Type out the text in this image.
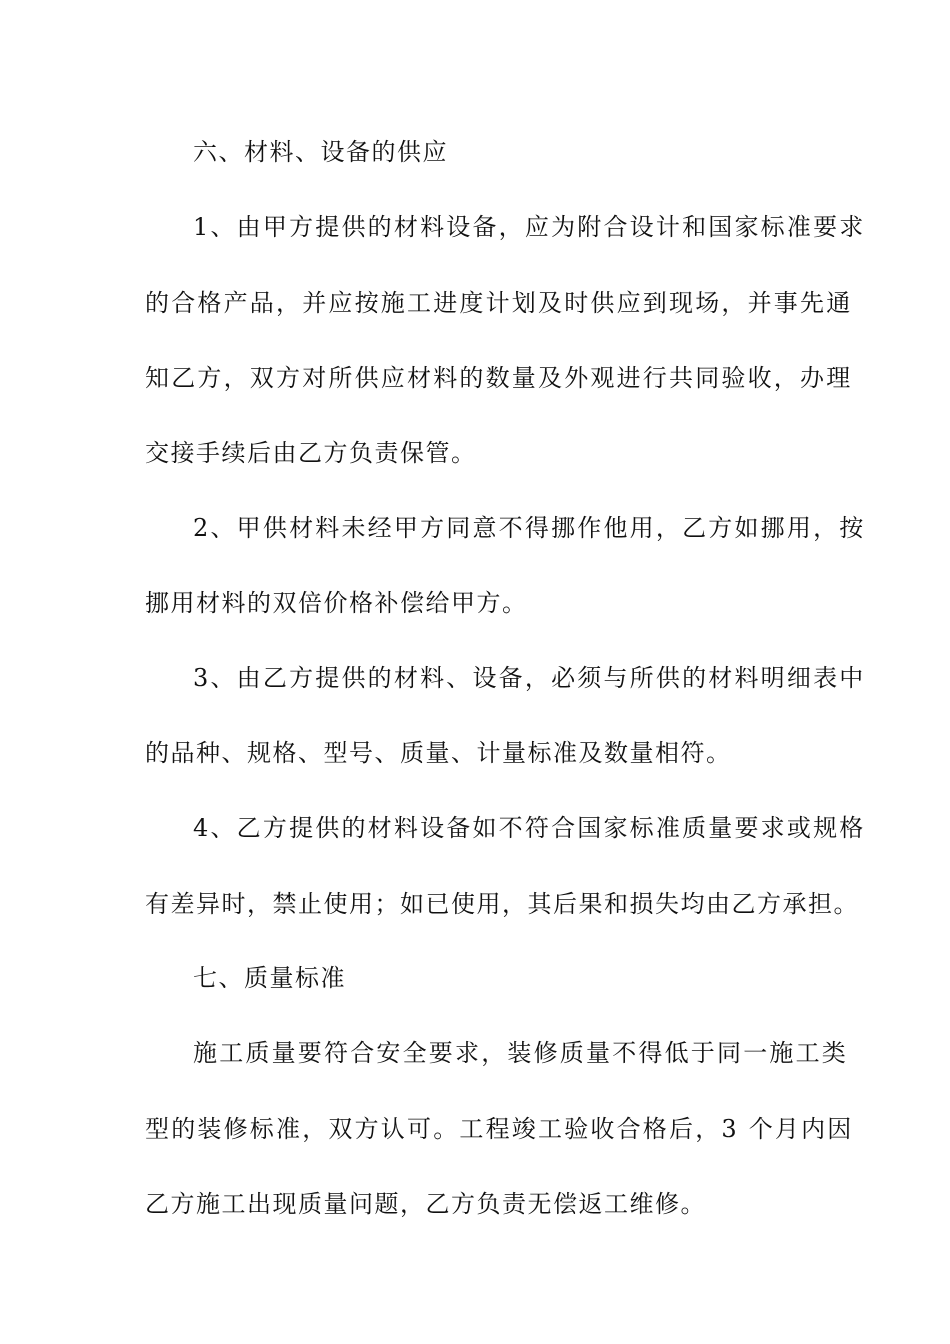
六、材料、设备的供应
1、由甲方提供的材料设备，应为附合设计和国家标准要求
的合格产品，并应按施工进度计划及时供应到现场，并事先通
知乙方，双方对所供应材料的数量及外观进行共同验收，办理
交接手续后由乙方负责保管。
2、甲供材料未经甲方同意不得挪作他用，乙方如挪用，按
挪用材料的双倍价格补偿给甲方。
3、由乙方提供的材料、设备，必须与所供的材料明细表中
的品种、规格、型号、质量、计量标准及数量相符。
4、乙方提供的材料设备如不符合国家标准质量要求或规格
有差异时，禁止使用；如已使用，其后果和损失均由乙方承担。
七、质量标准
施工质量要符合安全要求，装修质量不得低于同一施工类
型的装修标准，双方认可。工程竣工验收合格后，3 个月内因
乙方施工出现质量问题，乙方负责无偿返工维修。
